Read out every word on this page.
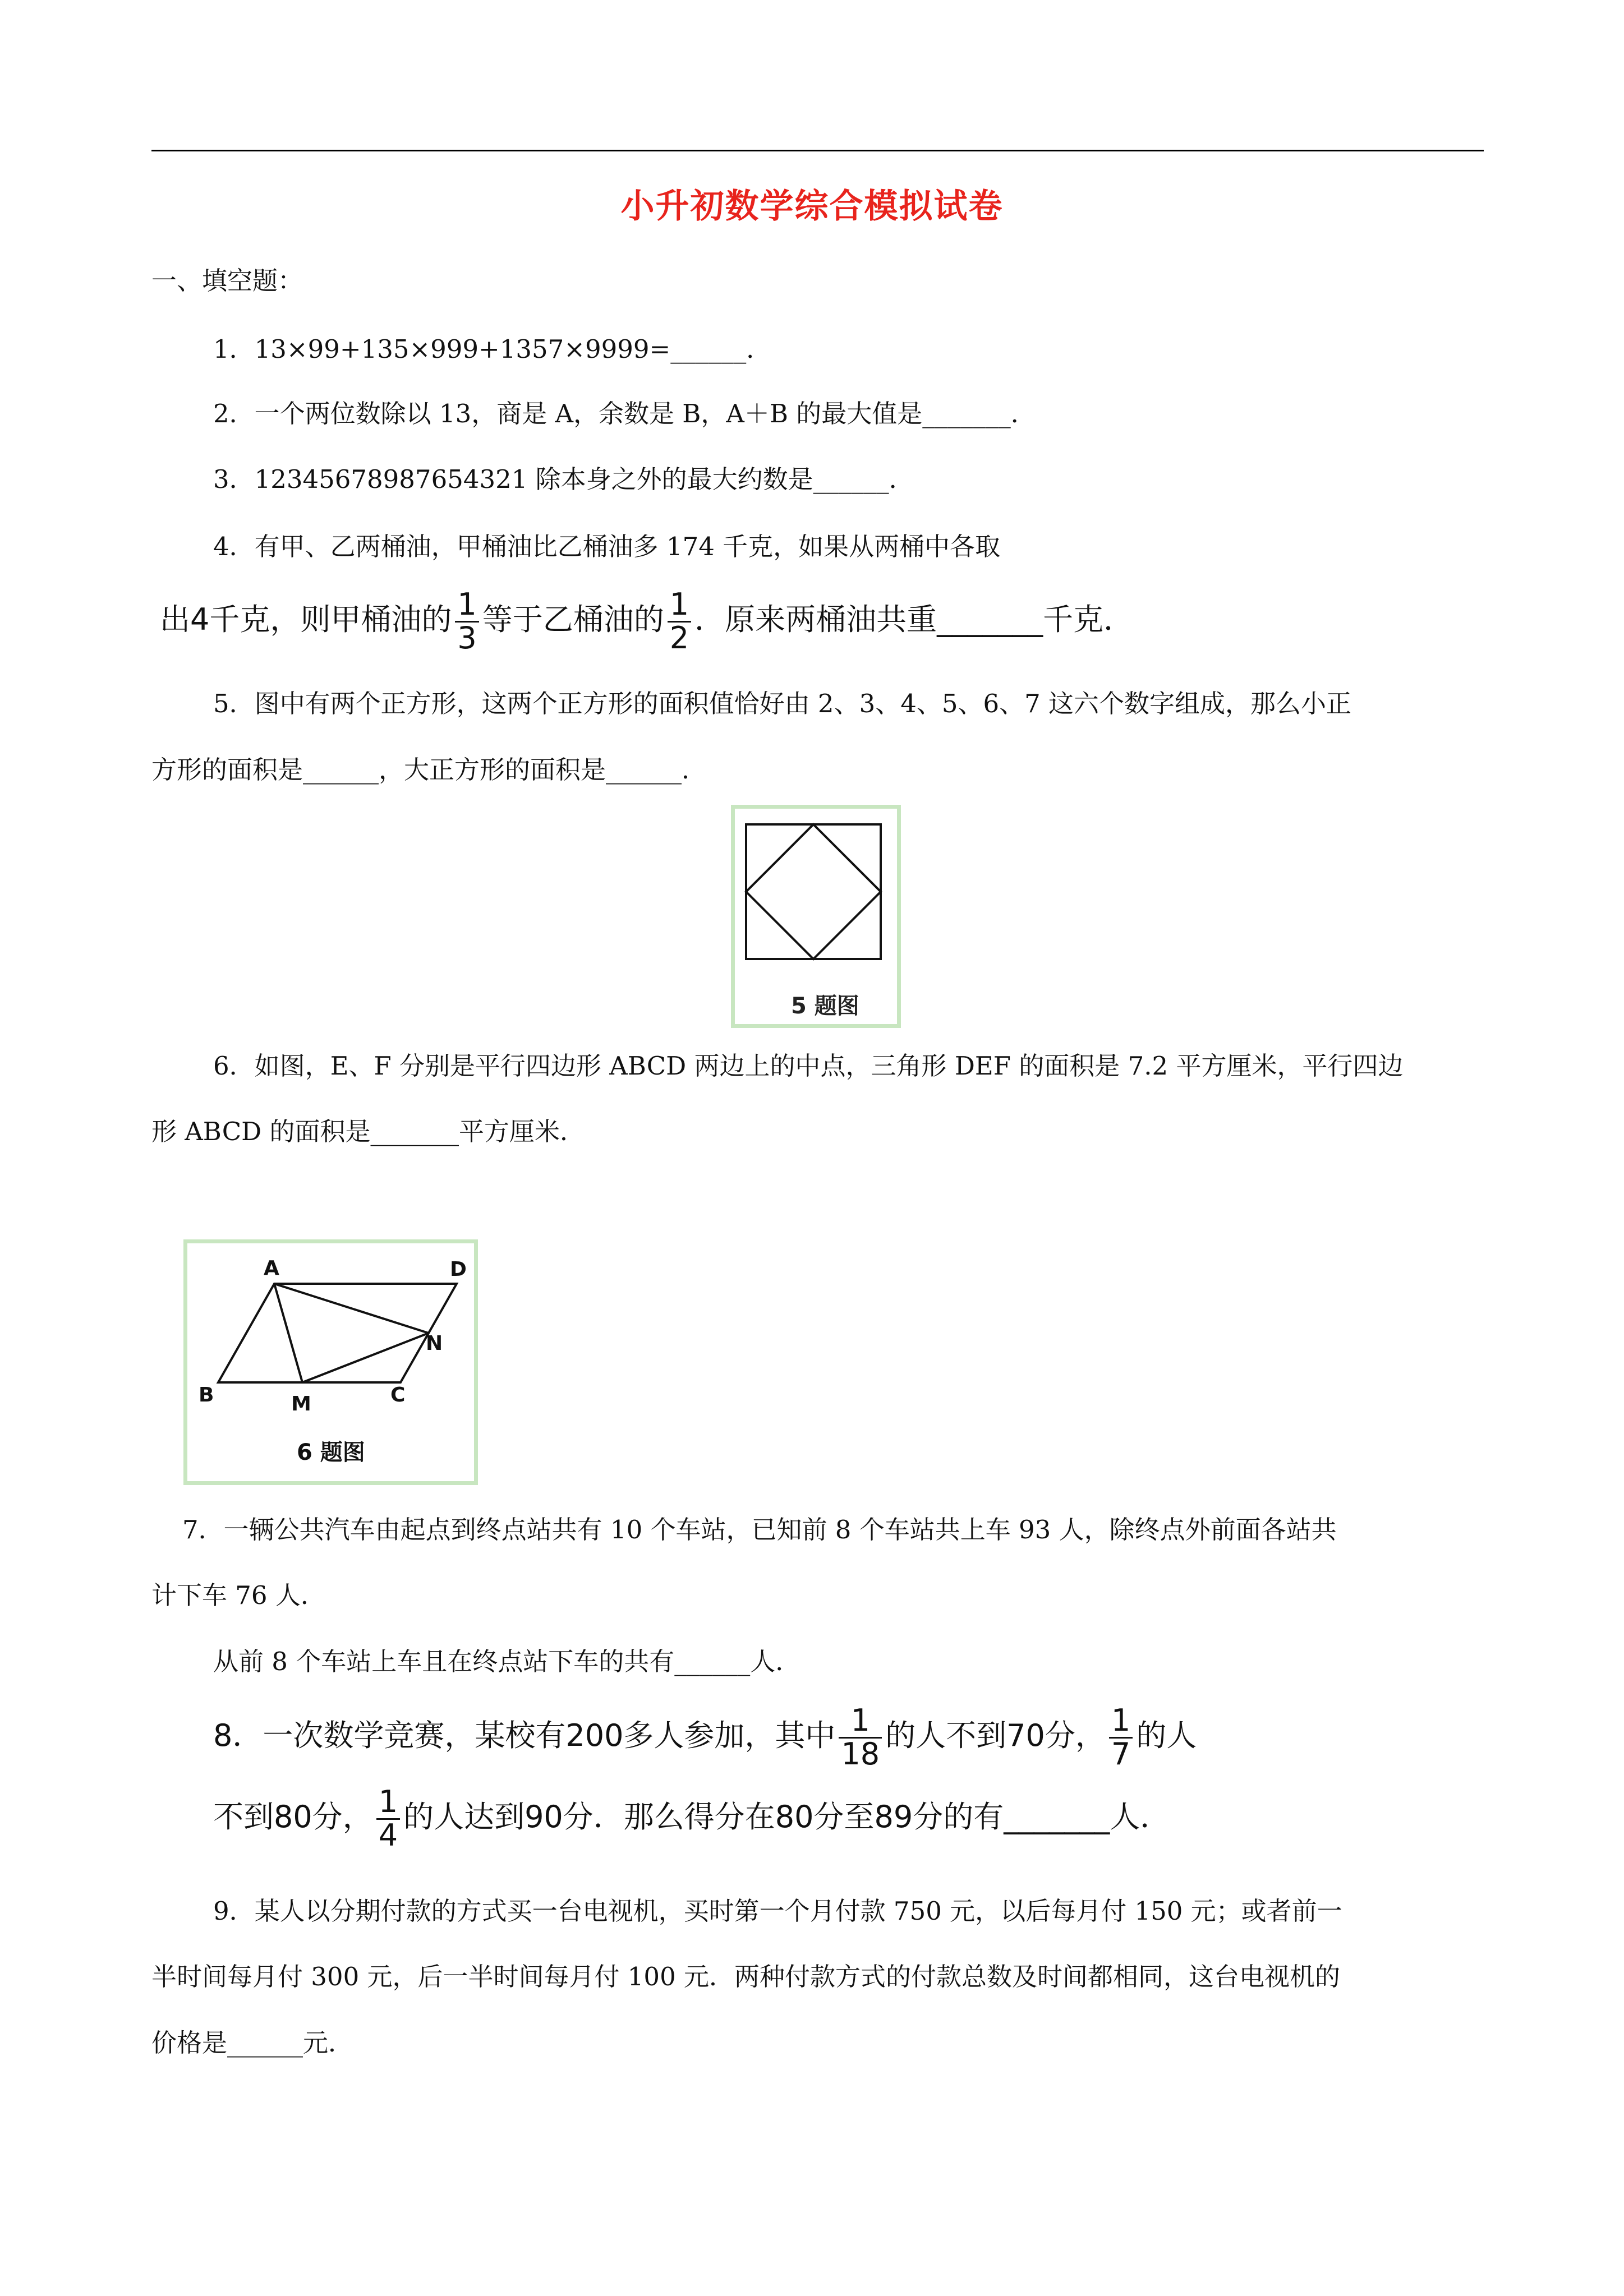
小升初数学综合模拟试卷
一、填空题：
1．13×99+135×999+1357×9999=______．
2．一个两位数除以 13，商是 A，余数是 B，A＋B 的最大值是_______．
3．12345678987654321 除本身之外的最大约数是______．
4．有甲、乙两桶油，甲桶油比乙桶油多 174 千克，如果从两桶中各取
出4千克，则甲桶油的 $\frac{1}{3}$ 等于乙桶油的 $\frac{1}{2}$ ．原来两桶油共重_______千克．
5．图中有两个正方形，这两个正方形的面积值恰好由 2、3、4、5、6、7 这六个数字组成，那么小正
方形的面积是______，大正方形的面积是______．
5 题图
6．如图，E、F 分别是平行四边形 ABCD 两边上的中点，三角形 DEF 的面积是 7.2 平方厘米，平行四边
形 ABCD 的面积是_______平方厘米．
A	D
B	M	C
N
6 题图
7．一辆公共汽车由起点到终点站共有 10 个车站，已知前 8 个车站共上车 93 人，除终点外前面各站共
计下车 76 人．
从前 8 个车站上车且在终点站下车的共有______人．
8．一次数学竞赛，某校有200多人参加，其中 $\frac{1}{18}$ 的人不到70分， $\frac{1}{7}$ 的人
不到80分， $\frac{1}{4}$ 的人达到90分．那么得分在80分至89分的有_______人．
9．某人以分期付款的方式买一台电视机，买时第一个月付款 750 元，以后每月付 150 元；或者前一
半时间每月付 300 元，后一半时间每月付 100 元．两种付款方式的付款总数及时间都相同，这台电视机的
价格是______元．
